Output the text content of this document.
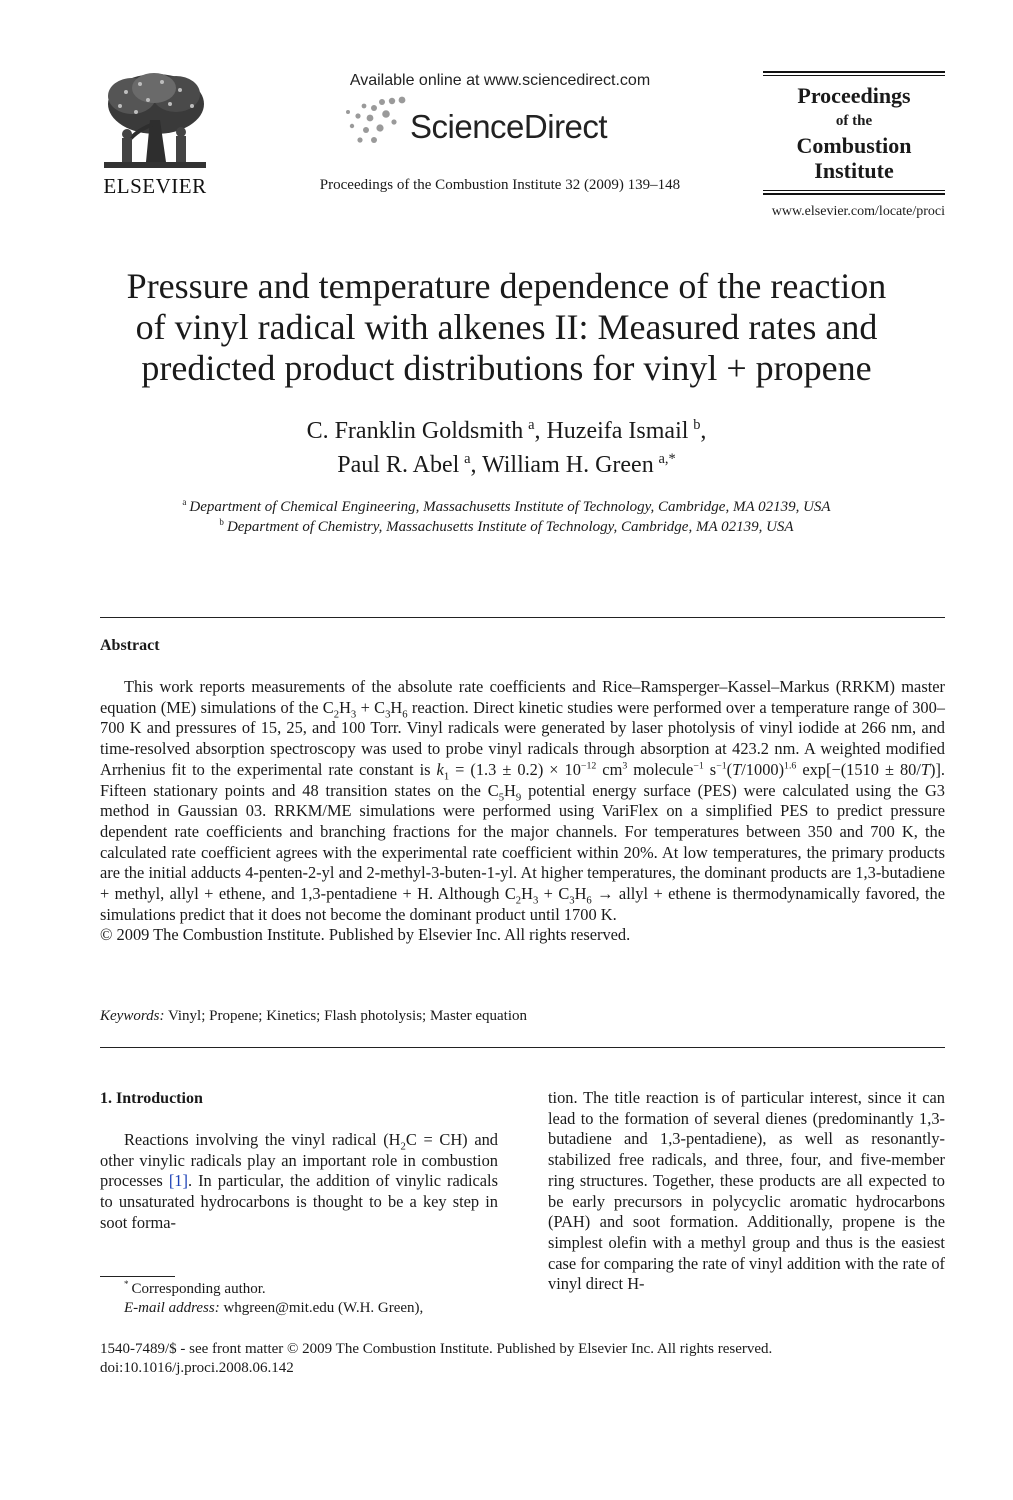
ELSEVIER
Available online at www.sciencedirect.com
ScienceDirect
Proceedings of the Combustion Institute 32 (2009) 139–148
Proceedings
of the
Combustion
Institute
www.elsevier.com/locate/proci
Pressure and temperature dependence of the reaction
of vinyl radical with alkenes II: Measured rates and
predicted product distributions for vinyl + propene
C. Franklin Goldsmith  $^a$, Huzeifa Ismail  $^b$,
Paul R. Abel  $^a$, William H. Green  $^{a,*}$
$^a$  Department of Chemical Engineering, Massachusetts Institute of Technology, Cambridge, MA 02139, USA
$^b$  Department of Chemistry, Massachusetts Institute of Technology, Cambridge, MA 02139, USA
Abstract

This work reports measurements of the absolute rate coefficients and Rice–Ramsperger–Kassel–Markus (RRKM) master equation (ME) simulations of the $C_2H_3 + C_3H_6$ reaction. Direct kinetic studies were performed over a temperature range of 300–700 K and pressures of 15, 25, and 100 Torr. Vinyl radicals were generated by laser photolysis of vinyl iodide at 266 nm, and time-resolved absorption spectroscopy was used to probe vinyl radicals through absorption at 423.2 nm. A weighted modified Arrhenius fit to the experimental rate constant is $k_1 = (1.3 \pm 0.2) \times 10^{-12}$ $cm^3$ molecule$^{-1}$ $s^{-1}(T/1000)^{1.6}$ exp[−(1510 ± 80/T)]. Fifteen stationary points and 48 transition states on the $C_5H_9$ potential energy surface (PES) were calculated using the G3 method in Gaussian 03. RRKM/ME simulations were performed using VariFlex on a simplified PES to predict pressure dependent rate coefficients and branching fractions for the major channels. For temperatures between 350 and 700 K, the calculated rate coefficient agrees with the experimental rate coefficient within 20%. At low temperatures, the primary products are the initial adducts 4-penten-2-yl and 2-methyl-3-buten-1-yl. At higher temperatures, the dominant products are 1,3-butadiene + methyl, allyl + ethene, and 1,3-pentadiene + H. Although $C_2H_3 + C_3H_6$ → allyl + ethene is thermodynamically favored, the simulations predict that it does not become the dominant product until 1700 K.

© 2009 The Combustion Institute. Published by Elsevier Inc. All rights reserved.
Keywords: Vinyl; Propene; Kinetics; Flash photolysis; Master equation
1. Introduction

Reactions involving the vinyl radical $(H_2C = CH)$ and other vinylic radicals play an important role in combustion processes [1]. In particular, the addition of vinylic radicals to unsaturated hydrocarbons is thought to be a key step in soot forma-

tion. The title reaction is of particular interest, since it can lead to the formation of several dienes (predominantly 1,3-butadiene and 1,3-pentadiene), as well as resonantly-stabilized free radicals, and three, four, and five-member ring structures. Together, these products are all expected to be early precursors in polycyclic aromatic hydrocarbons (PAH) and soot formation. Additionally, propene is the simplest olefin with a methyl group and thus is the easiest case for comparing the rate of vinyl addition with the rate of vinyl direct H-

*  Corresponding author.
E-mail address: whgreen@mit.edu (W.H. Green),
1540-7489/$ - see front matter © 2009 The Combustion Institute. Published by Elsevier Inc. All rights reserved.
doi:10.1016/j.proci.2008.06.142
